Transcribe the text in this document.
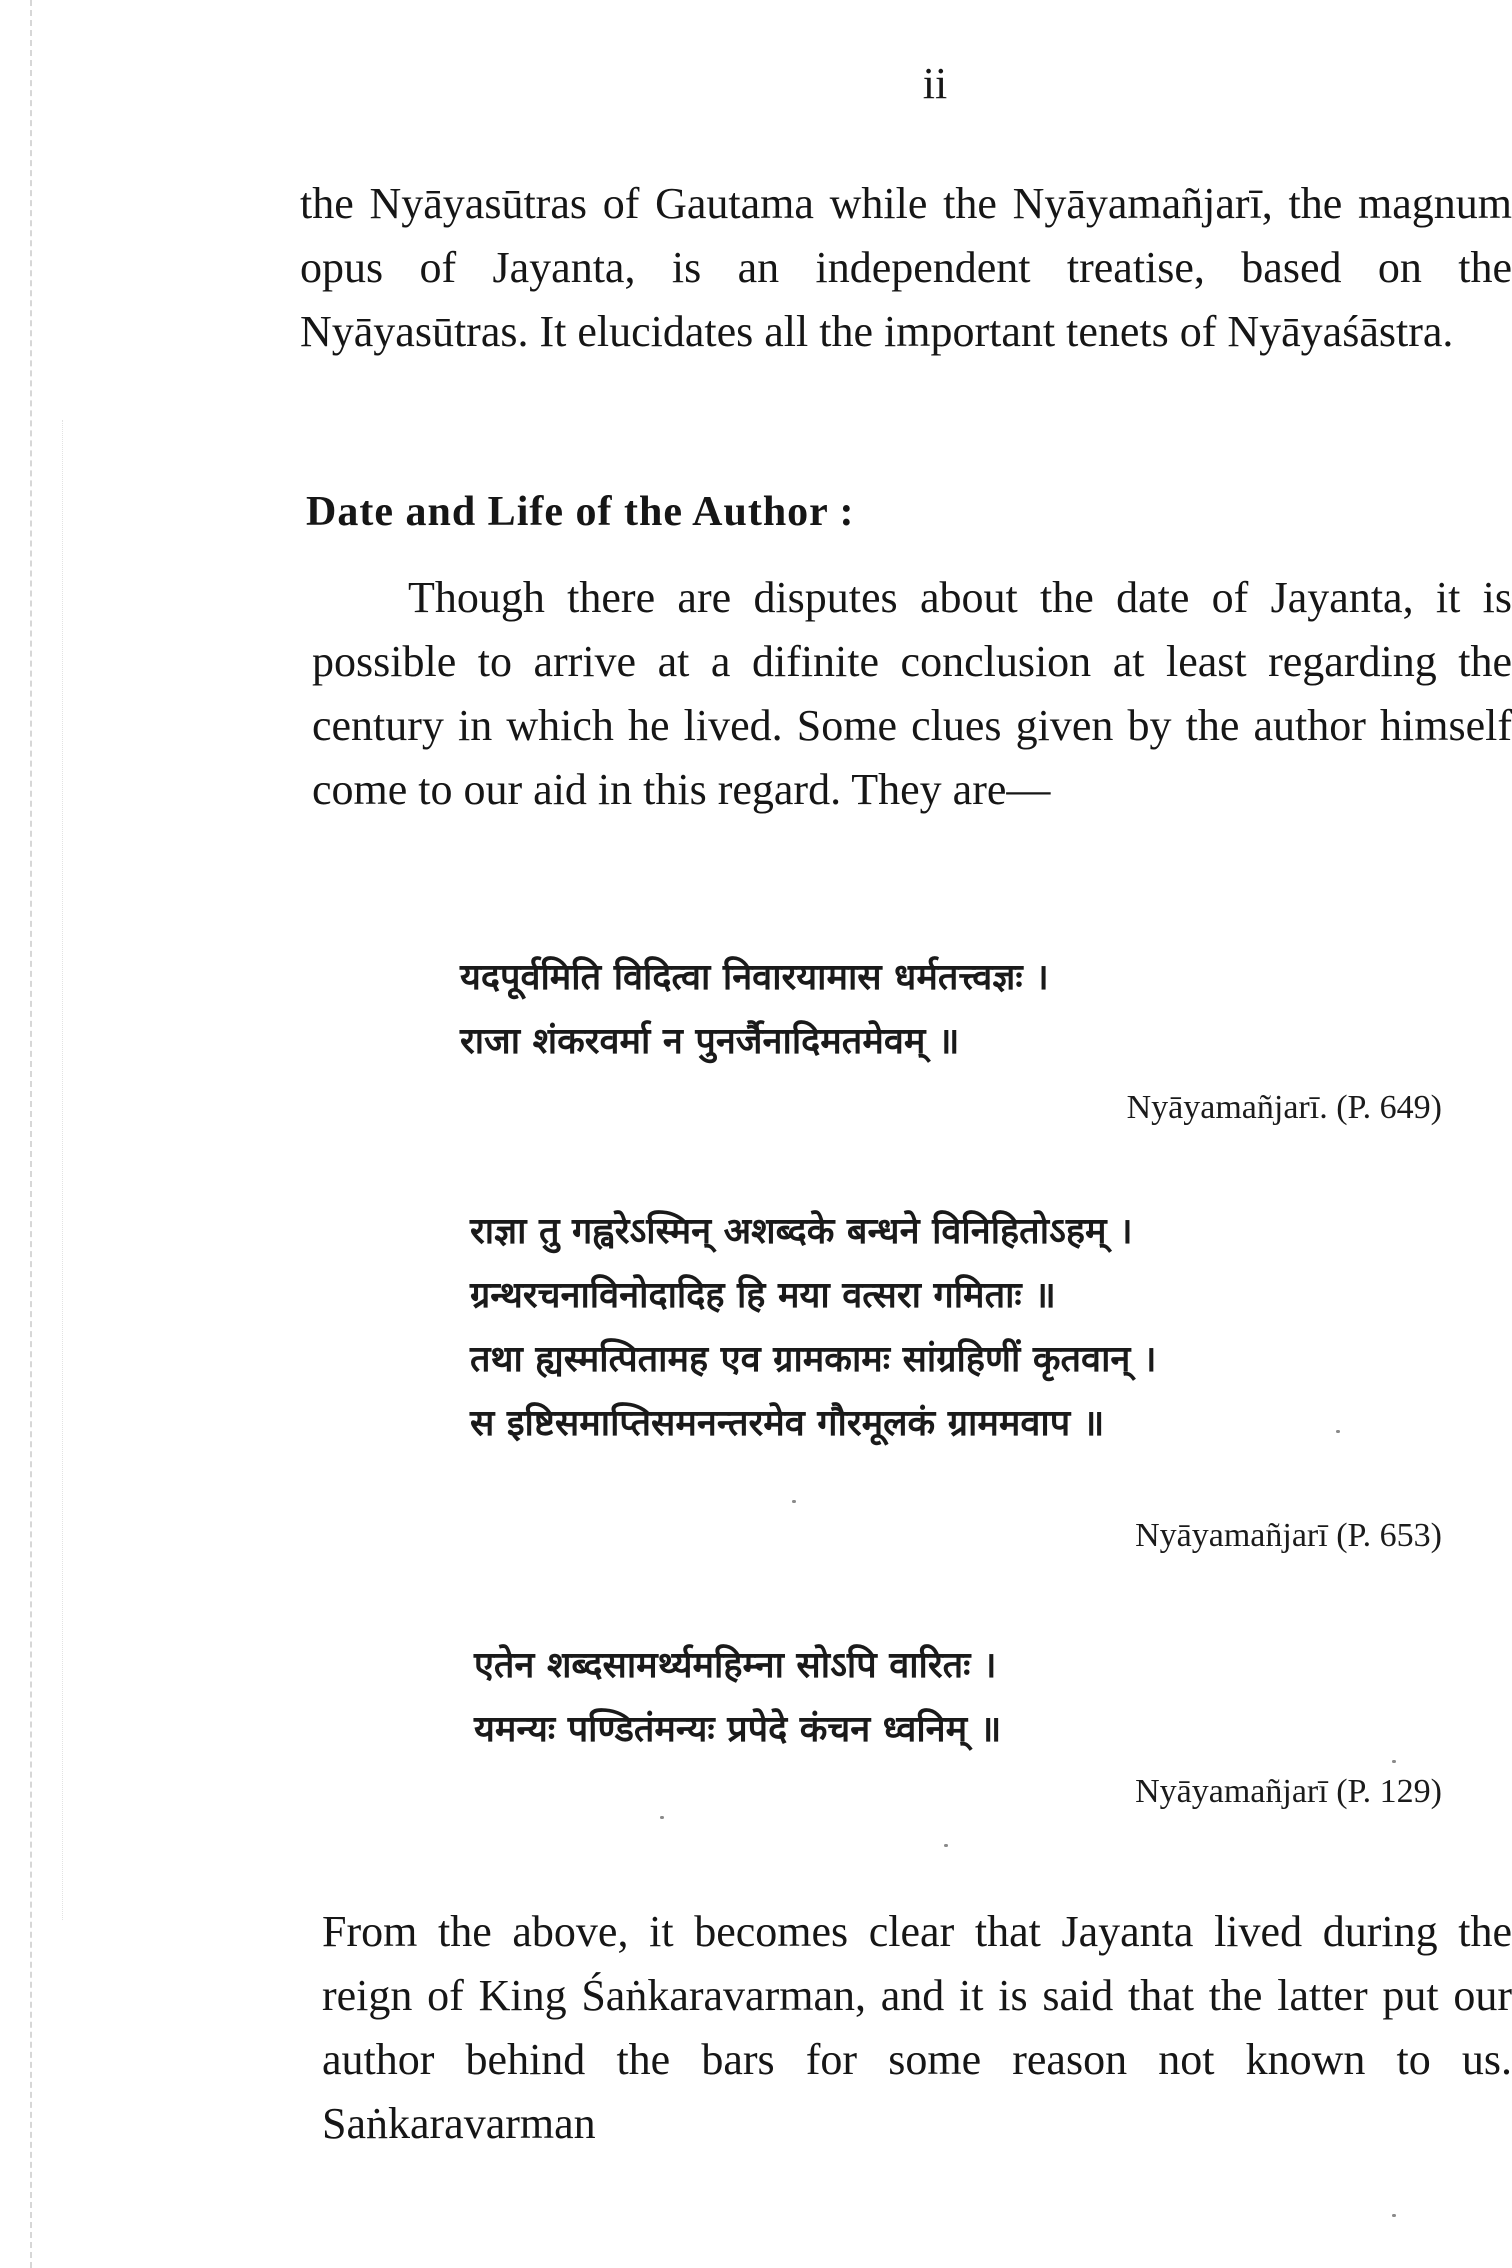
ii

the Nyāyasūtras of Gautama while the Nyāyamañjarī, the magnum opus of Jayanta, is an independent treatise, based on the Nyāyasūtras. It elucidates all the important tenets of Nyāyaśāstra.

Date and Life of the Author :

Though there are disputes about the date of Jayanta, it is possible to arrive at a difinite conclusion at least regarding the century in which he lived. Some clues given by the author himself come to our aid in this regard. They are—

यदपूर्वमिति विदित्वा निवारयामास धर्मतत्त्वज्ञः ।
राजा शंकरवर्मा न पुनर्जैनादिमतमेवम् ॥
Nyāyamañjarī. (P. 649)
राज्ञा तु गह्वरेऽस्मिन् अशब्दके बन्धने विनिहितोऽहम् ।
ग्रन्थरचनाविनोदादिह हि मया वत्सरा गमिताः ॥
तथा ह्यस्मत्पितामह एव ग्रामकामः सांग्रहिणीं कृतवान् ।
स इष्टिसमाप्तिसमनन्तरमेव गौरमूलकं ग्राममवाप ॥
Nyāyamañjarī (P. 653)
एतेन शब्दसामर्थ्यमहिम्ना सोऽपि वारितः ।
यमन्यः पण्डितंमन्यः प्रपेदे कंचन ध्वनिम् ॥
Nyāyamañjarī (P. 129)

From the above, it becomes clear that Jayanta lived during the reign of King Śaṅkaravarman, and it is said that the latter put our author behind the bars for some reason not known to us. Saṅkaravarman
